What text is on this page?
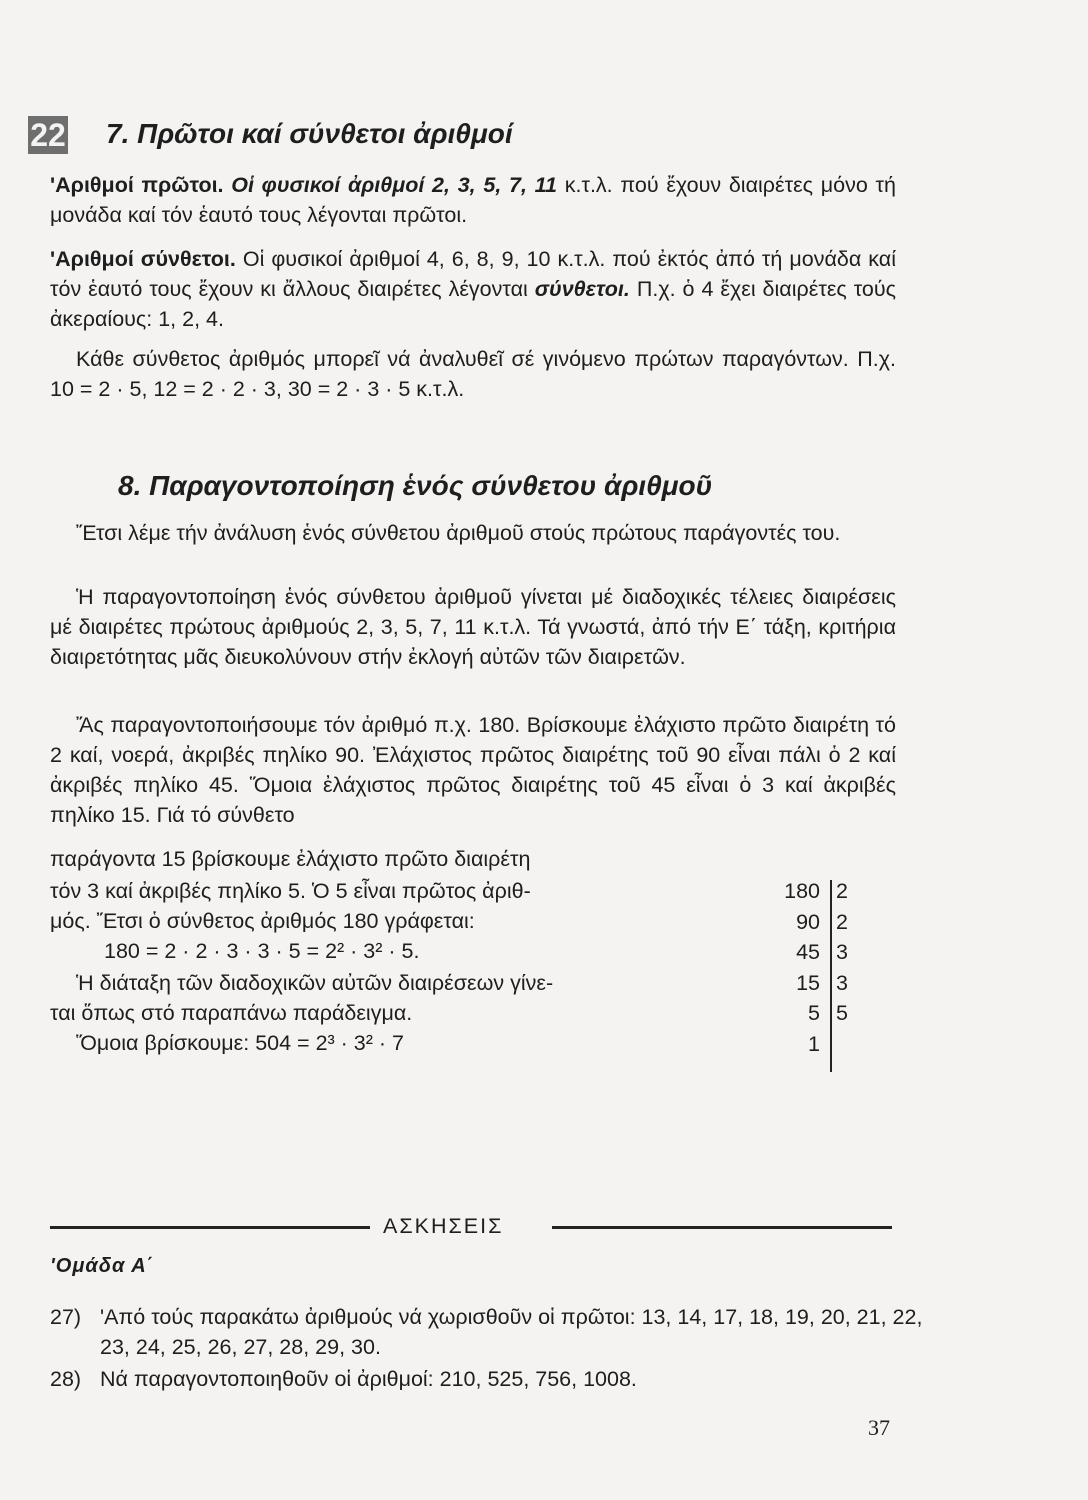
22 7. Πρῶτοι καί σύνθετοι ἀριθμοί

'Αριθμοί πρῶτοι. Οἱ φυσικοί ἀριθμοί 2, 3, 5, 7, 11 κ.τ.λ. πού ἔχουν διαιρέτες μόνο τή μονάδα καί τόν ἑαυτό τους λέγονται πρῶτοι.

'Αριθμοί σύνθετοι. Οἱ φυσικοί ἀριθμοί 4, 6, 8, 9, 10 κ.τ.λ. πού ἐκτός ἀπό τή μονάδα καί τόν ἑαυτό τους ἔχουν κι ἄλλους διαιρέτες λέγονται σύνθετοι. Π.χ. ὁ 4 ἔχει διαιρέτες τούς ἀκεραίους: 1, 2, 4.

Κάθε σύνθετος ἀριθμός μπορεῖ νά ἀναλυθεῖ σέ γινόμενο πρώτων παραγόντων. Π.χ. 10 = 2 · 5, 12 = 2 · 2 · 3, 30 = 2 · 3 · 5 κ.τ.λ.

8. Παραγοντοποίηση ἑνός σύνθετου ἀριθμοῦ

Ἔτσι λέμε τήν ἀνάλυση ἑνός σύνθετου ἀριθμοῦ στούς πρώτους παράγοντές του.

Ἡ παραγοντοποίηση ἑνός σύνθετου ἀριθμοῦ γίνεται μέ διαδοχικές τέλειες διαιρέσεις μέ διαιρέτες πρώτους ἀριθμούς 2, 3, 5, 7, 11 κ.τ.λ. Τά γνωστά, ἀπό τήν Ε΄ τάξη, κριτήρια διαιρετότητας μᾶς διευκολύνουν στήν ἐκλογή αὐτῶν τῶν διαιρετῶν.

Ἄς παραγοντοποιήσουμε τόν ἀριθμό π.χ. 180. Βρίσκουμε ἐλάχιστο πρῶτο διαιρέτη τό 2 καί, νοερά, ἀκριβές πηλίκο 90. Ἐλάχιστος πρῶτος διαιρέτης τοῦ 90 εἶναι πάλι ὁ 2 καί ἀκριβές πηλίκο 45. Ὅμοια ἐλάχιστος πρῶτος διαιρέτης τοῦ 45 εἶναι ὁ 3 καί ἀκριβές πηλίκο 15. Γιά τό σύνθετο

παράγοντα 15 βρίσκουμε ἐλάχιστο πρῶτο διαιρέτη
τόν 3 καί ἀκριβές πηλίκο 5. Ὁ 5 εἶναι πρῶτος ἀριθ-
μός. Ἔτσι ὁ σύνθετος ἀριθμός 180 γράφεται:
180 = 2 · 2 · 3 · 3 · 5 = 2² · 3² · 5.
Ἡ διάταξη τῶν διαδοχικῶν αὐτῶν διαιρέσεων γίνε-
ται ὅπως στό παραπάνω παράδειγμα.
Ὅμοια βρίσκουμε: 504 = 2³ · 3² · 7
180 2
90 2
45 3
15 3
5 5
1
ΑΣΚΗΣΕΙΣ
'Ομάδα Α΄
27) 'Από τούς παρακάτω ἀριθμούς νά χωρισθοῦν οἱ πρῶτοι: 13, 14, 17, 18, 19, 20, 21, 22, 23, 24, 25, 26, 27, 28, 29, 30.
28) Νά παραγοντοποιηθοῦν οἱ ἀριθμοί: 210, 525, 756, 1008.
37
